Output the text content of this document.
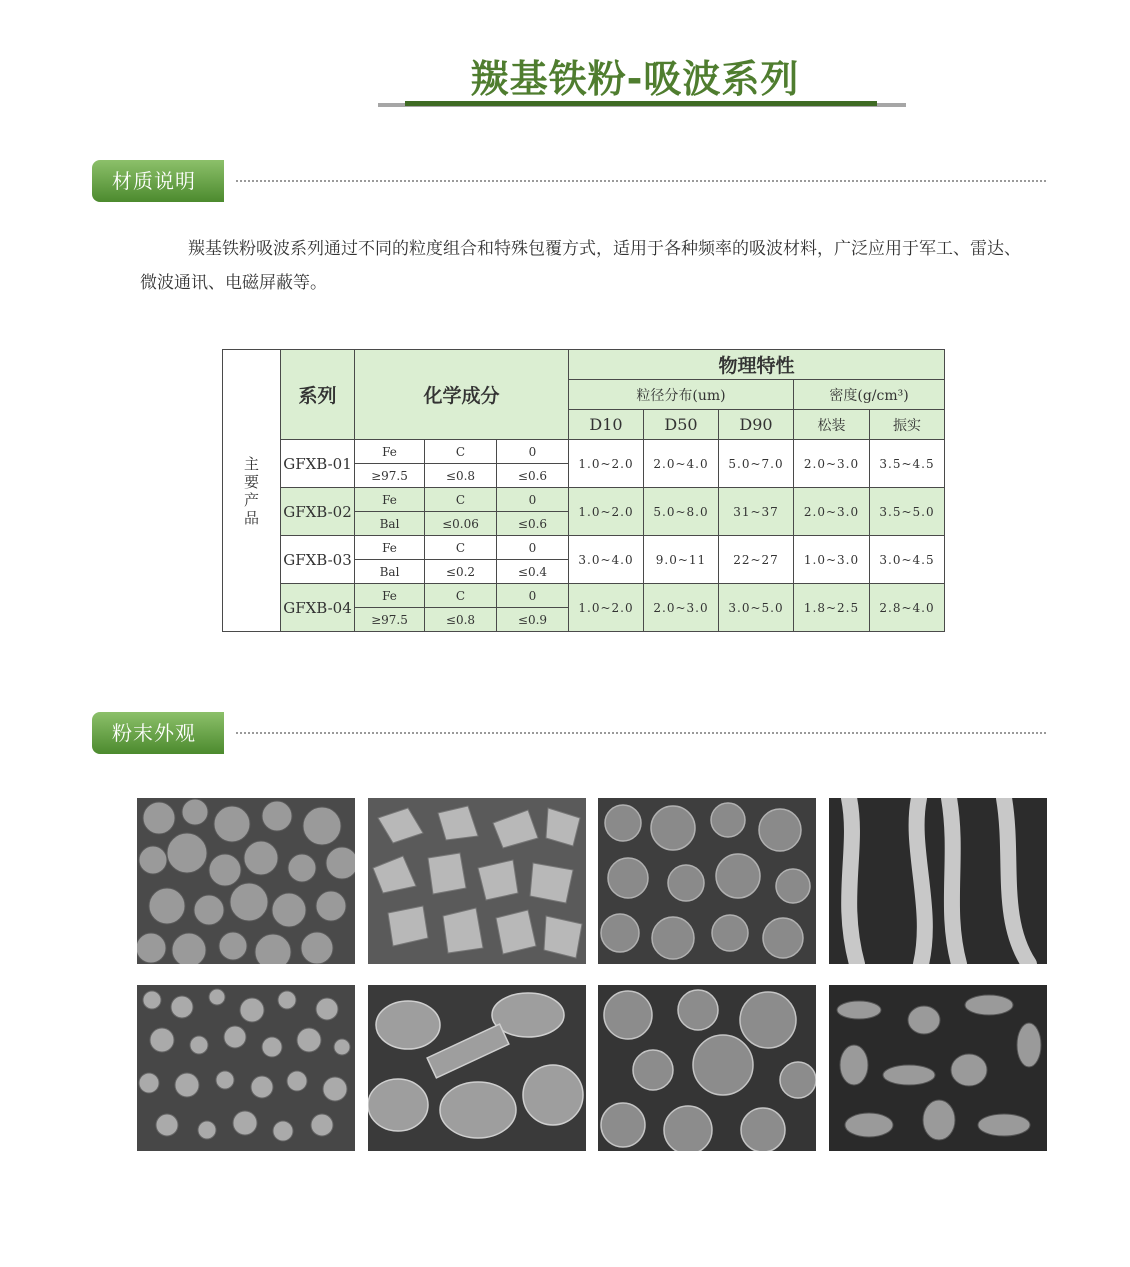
羰基铁粉-吸波系列
材质说明
羰基铁粉吸波系列通过不同的粒度组合和特殊包覆方式，适用于各种频率的吸波材料，广泛应用于军工、雷达、微波通讯、电磁屏蔽等。
主要产品	系列	化学成分			物理特性				
					粒径分布(um)			密度(g/cm³)	
					D10	D50	D90	松装	振实
	GFXB-01	Fe	C	0	1.0~2.0	2.0~4.0	5.0~7.0	2.0~3.0	3.5~4.5
		≥97.5	≤0.8	≤0.6					
	GFXB-02	Fe	C	0	1.0~2.0	5.0~8.0	31~37	2.0~3.0	3.5~5.0
		Bal	≤0.06	≤0.6					
	GFXB-03	Fe	C	0	3.0~4.0	9.0~11	22~27	1.0~3.0	3.0~4.5
		Bal	≤0.2	≤0.4					
	GFXB-04	Fe	C	0	1.0~2.0	2.0~3.0	3.0~5.0	1.8~2.5	2.8~4.0
		≥97.5	≤0.8	≤0.9					
粉末外观
